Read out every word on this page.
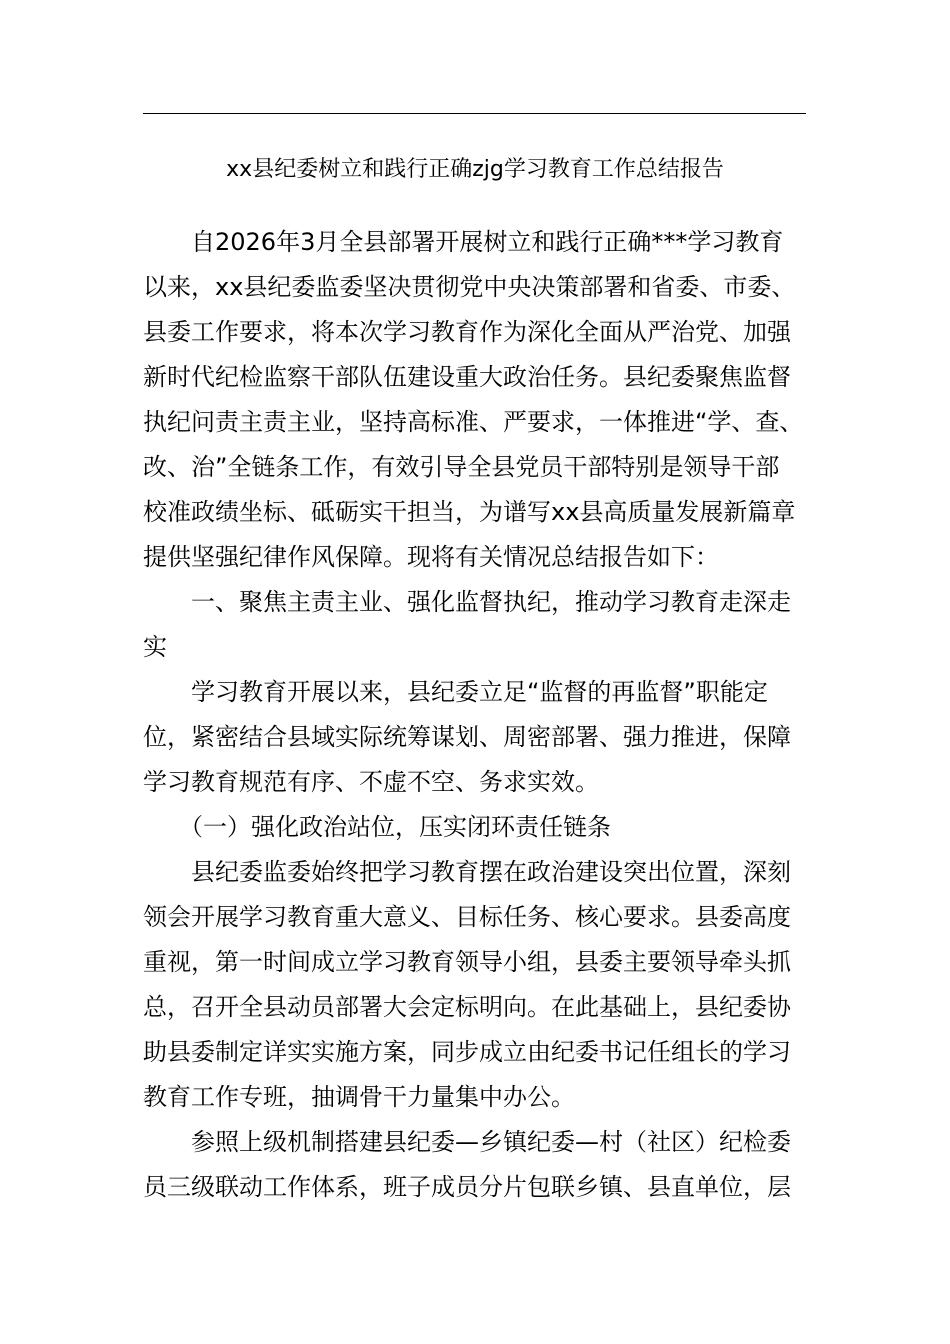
xx县纪委树立和践行正确zjg学习教育工作总结报告
　　自2026年3月全县部署开展树立和践行正确***学习教育
以来，xx县纪委监委坚决贯彻党中央决策部署和省委、市委、
县委工作要求，将本次学习教育作为深化全面从严治党、加强
新时代纪检监察干部队伍建设重大政治任务。县纪委聚焦监督
执纪问责主责主业，坚持高标准、严要求，一体推进“学、查、
改、治”全链条工作，有效引导全县党员干部特别是领导干部
校准政绩坐标、砥砺实干担当，为谱写xx县高质量发展新篇章
提供坚强纪律作风保障。现将有关情况总结报告如下：
　　一、聚焦主责主业、强化监督执纪，推动学习教育走深走
实
　　学习教育开展以来，县纪委立足“监督的再监督”职能定
位，紧密结合县域实际统筹谋划、周密部署、强力推进，保障
学习教育规范有序、不虚不空、务求实效。
　　（一）强化政治站位，压实闭环责任链条
　　县纪委监委始终把学习教育摆在政治建设突出位置，深刻
领会开展学习教育重大意义、目标任务、核心要求。县委高度
重视，第一时间成立学习教育领导小组，县委主要领导牵头抓
总，召开全县动员部署大会定标明向。在此基础上，县纪委协
助县委制定详实实施方案，同步成立由纪委书记任组长的学习
教育工作专班，抽调骨干力量集中办公。
　　参照上级机制搭建县纪委—乡镇纪委—村（社区）纪检委
员三级联动工作体系，班子成员分片包联乡镇、县直单位，层
